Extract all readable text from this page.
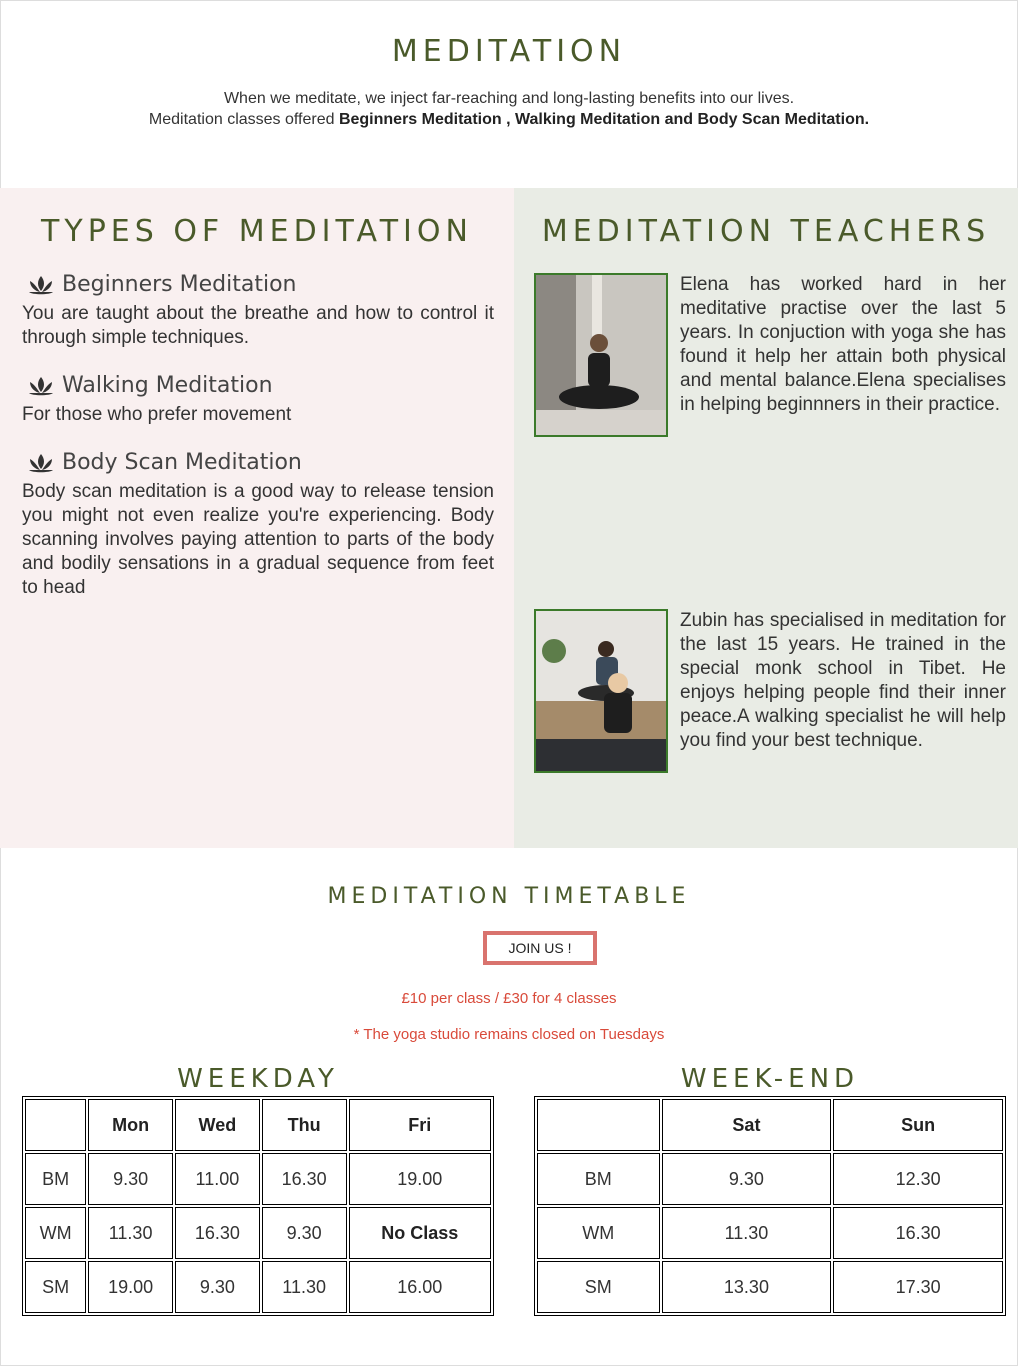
MEDITATION
When we meditate, we inject far-reaching and long-lasting benefits into our lives.
Meditation classes offered Beginners Meditation , Walking Meditation and Body Scan Meditation.
TYPES OF MEDITATION
Beginners Meditation
You are taught about the breathe and how to control it through simple techniques.
Walking Meditation
For those who prefer movement
Body Scan Meditation
Body scan meditation is a good way to release tension you might not even realize you're experiencing. Body scanning involves paying attention to parts of the body and bodily sensations in a gradual sequence from feet to head
MEDITATION TEACHERS
Elena has worked hard in her meditative practise over the last 5 years. In conjuction with yoga she has found it help her attain both physical and mental balance.Elena specialises in helping beginnners in their practice.
Zubin has specialised in meditation for the last 15 years. He trained in the special monk school in Tibet. He enjoys helping people find their inner peace.A walking specialist he will help you find your best technique.
MEDITATION TIMETABLE
JOIN US !
£10 per class / £30 for 4 classes
* The yoga studio remains closed on Tuesdays
WEEKDAY
	Mon	Wed	Thu	Fri
BM	9.30	11.00	16.30	19.00
WM	11.30	16.30	9.30	No Class
SM	19.00	9.30	11.30	16.00
WEEK-END
	Sat	Sun
BM	9.30	12.30
WM	11.30	16.30
SM	13.30	17.30
